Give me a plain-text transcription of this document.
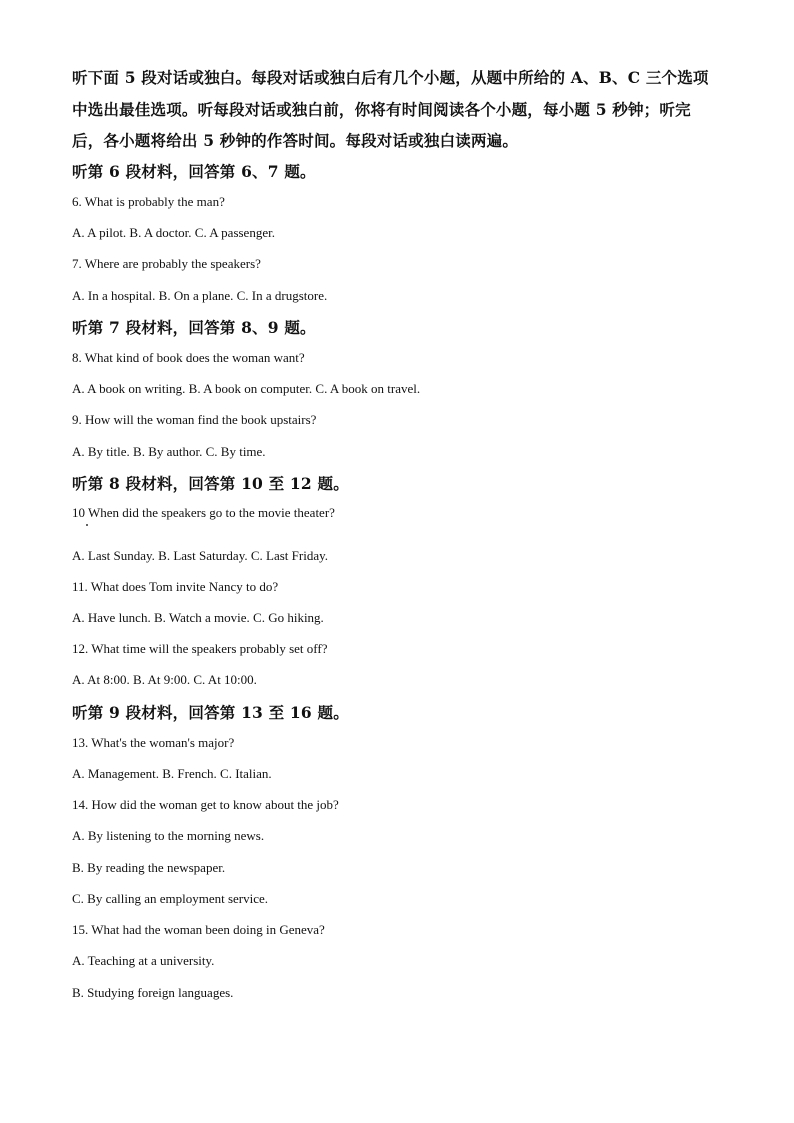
听下面 5 段对话或独白。每段对话或独白后有几个小题，从题中所给的 A、B、C 三个选项
中选出最佳选项。听每段对话或独白前，你将有时间阅读各个小题，每小题 5 秒钟；听完
后，各小题将给出 5 秒钟的作答时间。每段对话或独白读两遍。
听第 6 段材料，回答第 6、7 题。
6. What is probably the man?
A. A pilot. B. A doctor. C. A passenger.
7. Where are probably the speakers?
A. In a hospital. B. On a plane. C. In a drugstore.
听第 7 段材料，回答第 8、9 题。
8. What kind of book does the woman want?
A. A book on writing. B. A book on computer. C. A book on travel.
9. How will the woman find the book upstairs?
A. By title. B. By author. C. By time.
听第 8 段材料，回答第 10 至 12 题。
10 When did the speakers go to the movie theater?
A. Last Sunday. B. Last Saturday. C. Last Friday.
11. What does Tom invite Nancy to do?
A. Have lunch. B. Watch a movie. C. Go hiking.
12. What time will the speakers probably set off?
A. At 8:00. B. At 9:00. C. At 10:00.
听第 9 段材料，回答第 13 至 16 题。
13. What's the woman's major?
A. Management. B. French. C. Italian.
14. How did the woman get to know about the job?
A. By listening to the morning news.
B. By reading the newspaper.
C. By calling an employment service.
15. What had the woman been doing in Geneva?
A. Teaching at a university.
B. Studying foreign languages.
